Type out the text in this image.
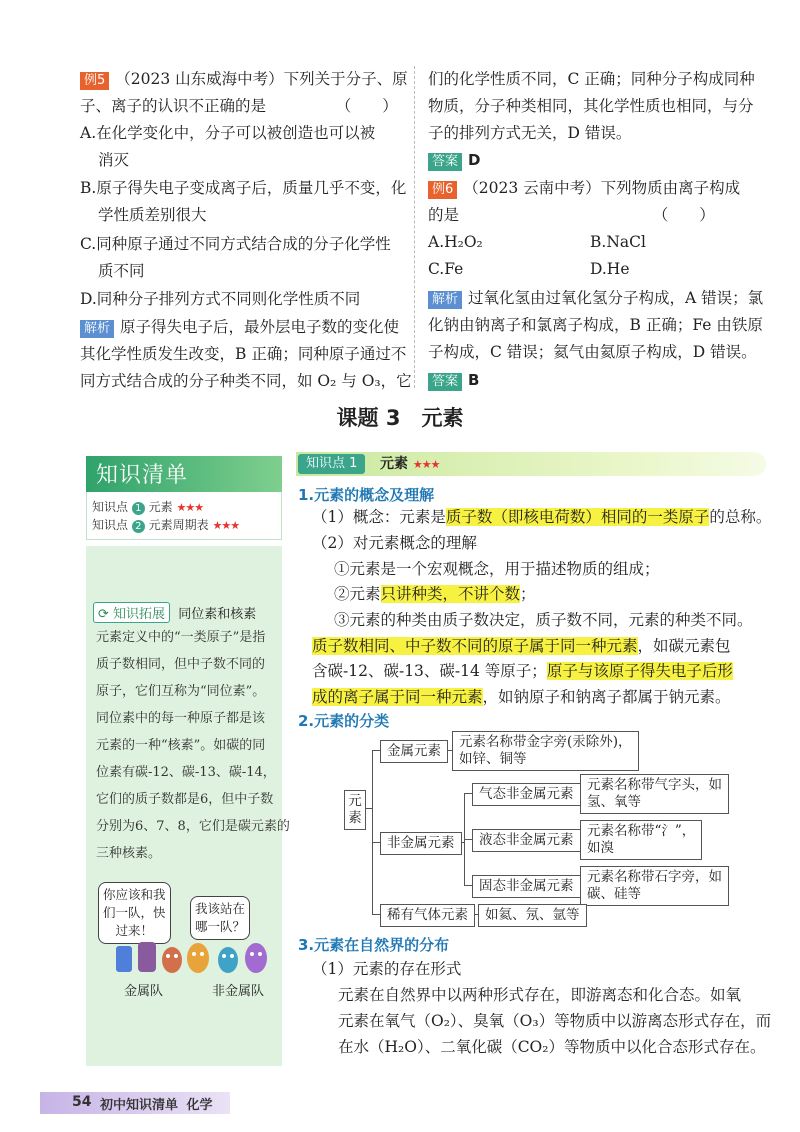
例5 （2023 山东威海中考）下列关于分子、原
子、离子的认识不正确的是　　　　　（　　）
A.在化学变化中，分子可以被创造也可以被
消灭
B.原子得失电子变成离子后，质量几乎不变，化
学性质差别很大
C.同种原子通过不同方式结合成的分子化学性
质不同
D.同种分子排列方式不同则化学性质不同
解析 原子得失电子后，最外层电子数的变化使
其化学性质发生改变，B 正确；同种原子通过不
同方式结合成的分子种类不同，如 O₂ 与 O₃，它
们的化学性质不同，C 正确；同种分子构成同种
物质，分子种类相同，其化学性质也相同，与分
子的排列方式无关，D 错误。
答案 D
例6 （2023 云南中考）下列物质由离子构成
的是　　　　　　　　　　　　　（　　）
A.H₂O₂	B.NaCl
C.Fe	D.He
解析 过氧化氢由过氧化氢分子构成，A 错误；氯
化钠由钠离子和氯离子构成，B 正确；Fe 由铁原
子构成，C 错误；氦气由氦原子构成，D 错误。
答案 B
课题 3　元素
知识清单
知识点 1 元素 ★★★
知识点 2 元素周期表 ★★★
⟳ 知识拓展 同位素和核素
元素定义中的“一类原子”是指
质子数相同，但中子数不同的
原子，它们互称为“同位素”。
同位素中的每一种原子都是该
元素的一种“核素”。如碳的同
位素有碳-12、碳-13、碳-14，
它们的质子数都是6，但中子数
分别为6、7、8，它们是碳元素的
三种核素。
你应该和我
们一队，快
过来！
我该站在
哪一队？
金属队	非金属队
知识点 1	元素 ★★★
1.元素的概念及理解
（1）概念：元素是质子数（即核电荷数）相同的一类原子的总称。
（2）对元素概念的理解
①元素是一个宏观概念，用于描述物质的组成；
②元素只讲种类，不讲个数；
③元素的种类由质子数决定，质子数不同，元素的种类不同。
质子数相同、中子数不同的原子属于同一种元素，如碳元素包
含碳-12、碳-13、碳-14 等原子；原子与该原子得失电子后形
成的离子属于同一种元素，如钠原子和钠离子都属于钠元素。
2.元素的分类
元素
金属元素
元素名称带金字旁(汞除外)，
如锌、铜等
非金属元素
气态非金属元素
元素名称带气字头，如
氢、氧等
液态非金属元素
元素名称带“氵”，
如溴
固态非金属元素
元素名称带石字旁，如
碳、硅等
稀有气体元素	如氦、氖、氩等
3.元素在自然界的分布
（1）元素的存在形式
元素在自然界中以两种形式存在，即游离态和化合态。如氧
元素在氧气（O₂）、臭氧（O₃）等物质中以游离态形式存在，而
在水（H₂O）、二氧化碳（CO₂）等物质中以化合态形式存在。
54 初中知识清单 化学
